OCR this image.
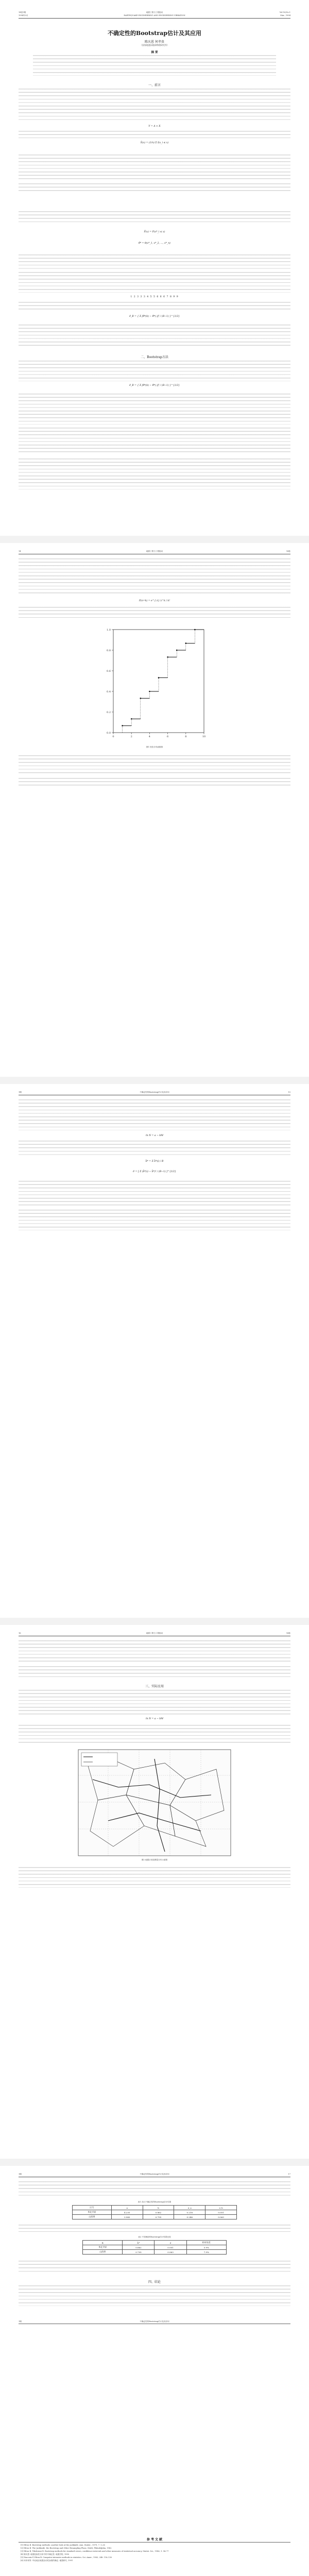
14卷1期	地震工程与工程振动	Vol.14,No.1
1994年3月	EARTHQUAKE ENGINEERING AND ENGINEERING VIBRATION	Mar., 1994
不确定性的Bootstrap估计及其应用
陈庆恩 何孝贵
（国家地震局地球物理研究所）
摘 要
一、前言
Y = A + X
Ŝ(x) = (1/n) Σ I(x_i ≤ x)
F̂(x) = P(x*_i ≤ x)
θ̂* = θ(x*_1, x*_2, …, x*_n)
1 2 3 3 3 4 5 5 6 6 6 7 8 9 9
σ̂_B = { Σ [θ̂*(b) − θ̂*(·)]² / (B−1) }^{1/2}
二、Bootstrap方法
σ̂_B = { Σ [θ̂*(b) − θ̂*(·)]² / (B−1) }^{1/2}
14	地震工程与工程振动	14卷
P(n=k) = e^{-λ} λ^k / k!
0	2	4	6	8	10
0.0
0.2
0.4
0.6
0.8
1.0
图1 经验分布函数图
1期	不确定性的Bootstrap估计及其应用	15
ln N = a − bM
b̂* = Σ b̂*(i) / B
σ̂ = [ Σ (b̂*(i) − b̂*)² / (B−1) ]^{1/2}
16	地震工程与工程振动	14卷
三、实际应用
ln N = a − bM
图2 地震区划及断裂分布示意图
1期	不确定性的Bootstrap估计及其应用	17
表1 各区不确定性的Bootstrap估计结果
区号	a	b	σ_a	σ_b
华北平原	4.235	0.862	0.218	0.051
山西带	3.960	0.795	0.246	0.063
表2 不同B值时Bootstrap估计结果比较
B	b̂*	σ̂	相对误差
华北平原	0.862	0.051	5.9%
山西带	0.795	0.063	7.9%
四、结论
1期	不确定性的Bootstrap估计及其应用
参 考 文 献
[1] Efron B. Bootstrap methods: another look at the jackknife. Ann. Statist., 1979, 7: 1–26
[2] Efron B. The Jackknife, the Bootstrap and Other Resampling Plans. SIAM, Philadelphia, 1982
[3] Efron B, Tibshirani R. Bootstrap methods for standard errors, confidence intervals and other measures of statistical accuracy. Statist. Sci., 1986, 1: 54–77
[4] 陈庆恩. 地震危险性分析中的不确定性. 地震学报, 1990
[5] Diaconis P, Efron B. Computer-intensive methods in statistics. Sci. Amer., 1983, 248: 116–130
[6] 何孝贵等. 华北地区地震活动性参数的确定. 地震研究, 1991
